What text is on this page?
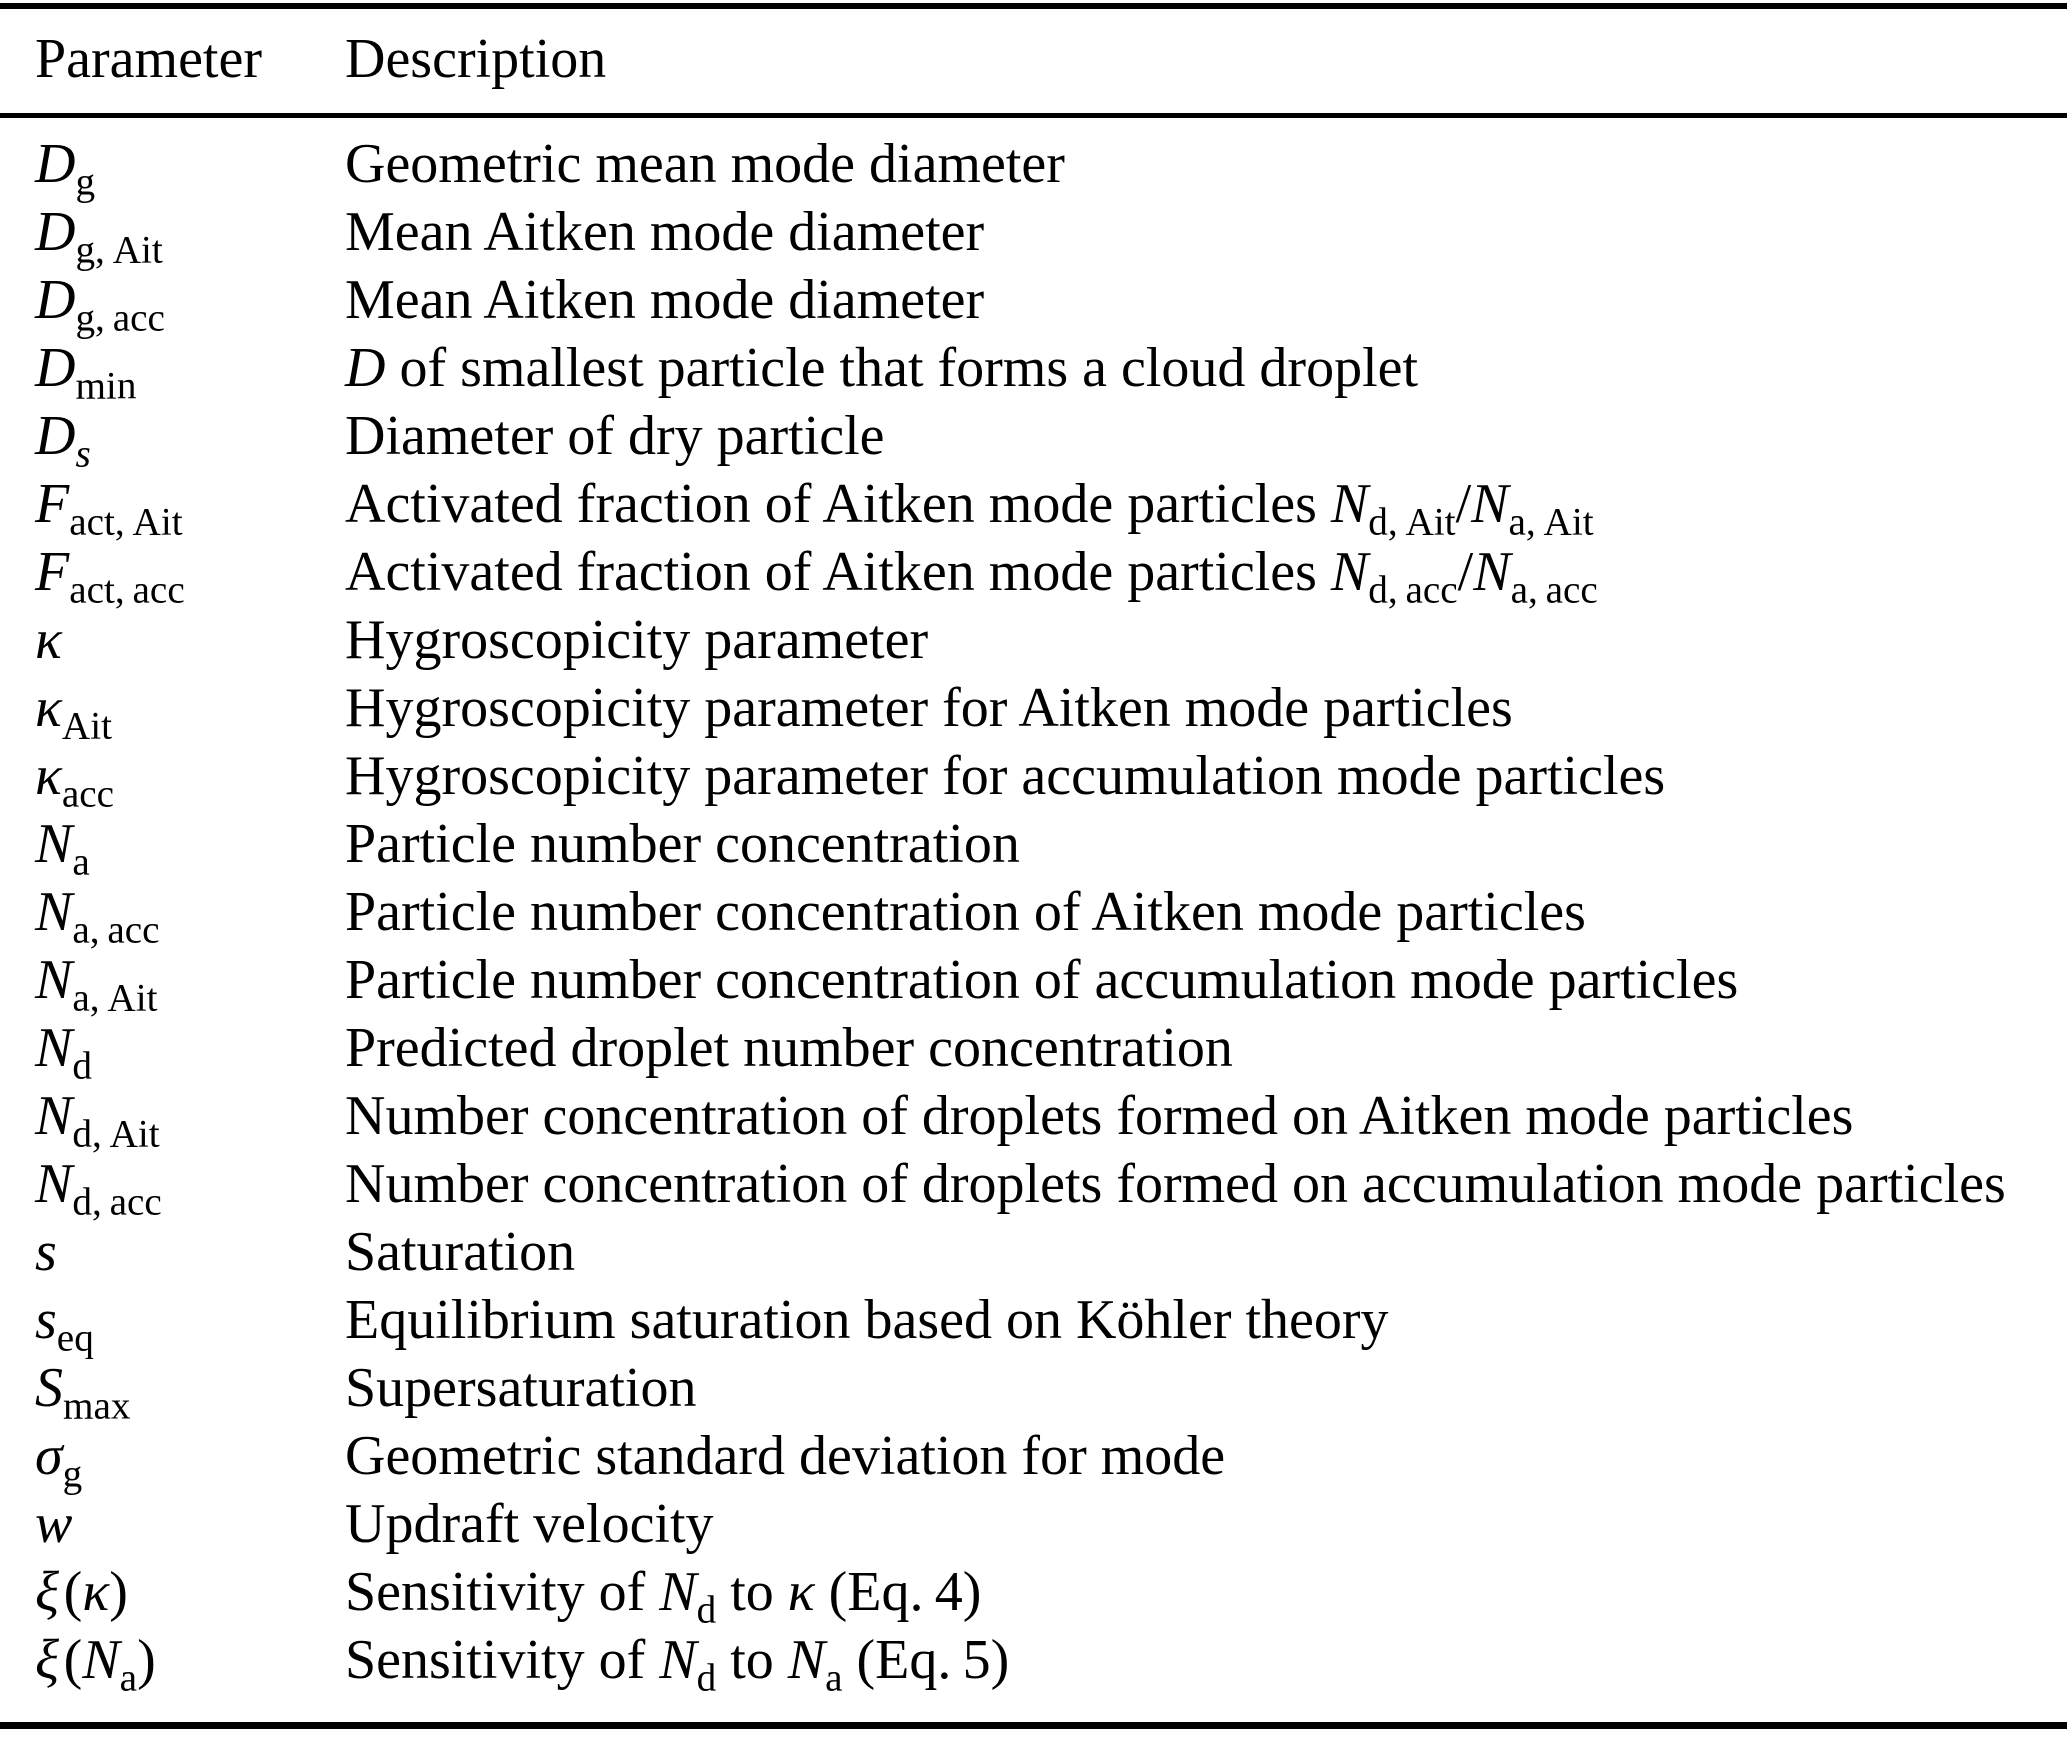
Parameter	Description
$D_g$	Geometric mean mode diameter
$D_{g, Ait}$	Mean Aitken mode diameter
$D_{g, acc}$	Mean Aitken mode diameter
$D_{min}$	D of smallest particle that forms a cloud droplet
$D_s$	Diameter of dry particle
$F_{act, Ait}$	Activated fraction of Aitken mode particles $N_{d, Ait}/N_{a, Ait}$
$F_{act, acc}$	Activated fraction of Aitken mode particles $N_{d, acc}/N_{a, acc}$
κ	Hygroscopicity parameter
$\kappa_{Ait}$	Hygroscopicity parameter for Aitken mode particles
$\kappa_{acc}$	Hygroscopicity parameter for accumulation mode particles
$N_a$	Particle number concentration
$N_{a, acc}$	Particle number concentration of Aitken mode particles
$N_{a, Ait}$	Particle number concentration of accumulation mode particles
$N_d$	Predicted droplet number concentration
$N_{d, Ait}$	Number concentration of droplets formed on Aitken mode particles
$N_{d, acc}$	Number concentration of droplets formed on accumulation mode particles
s	Saturation
$s_{eq}$	Equilibrium saturation based on Köhler theory
$S_{max}$	Supersaturation
$\sigma_g$	Geometric standard deviation for mode
w	Updraft velocity
ξ (κ)	Sensitivity of $N_d$ to κ (Eq. 4)
ξ $(N_a)$	Sensitivity of $N_d$ to $N_a$ (Eq. 5)
